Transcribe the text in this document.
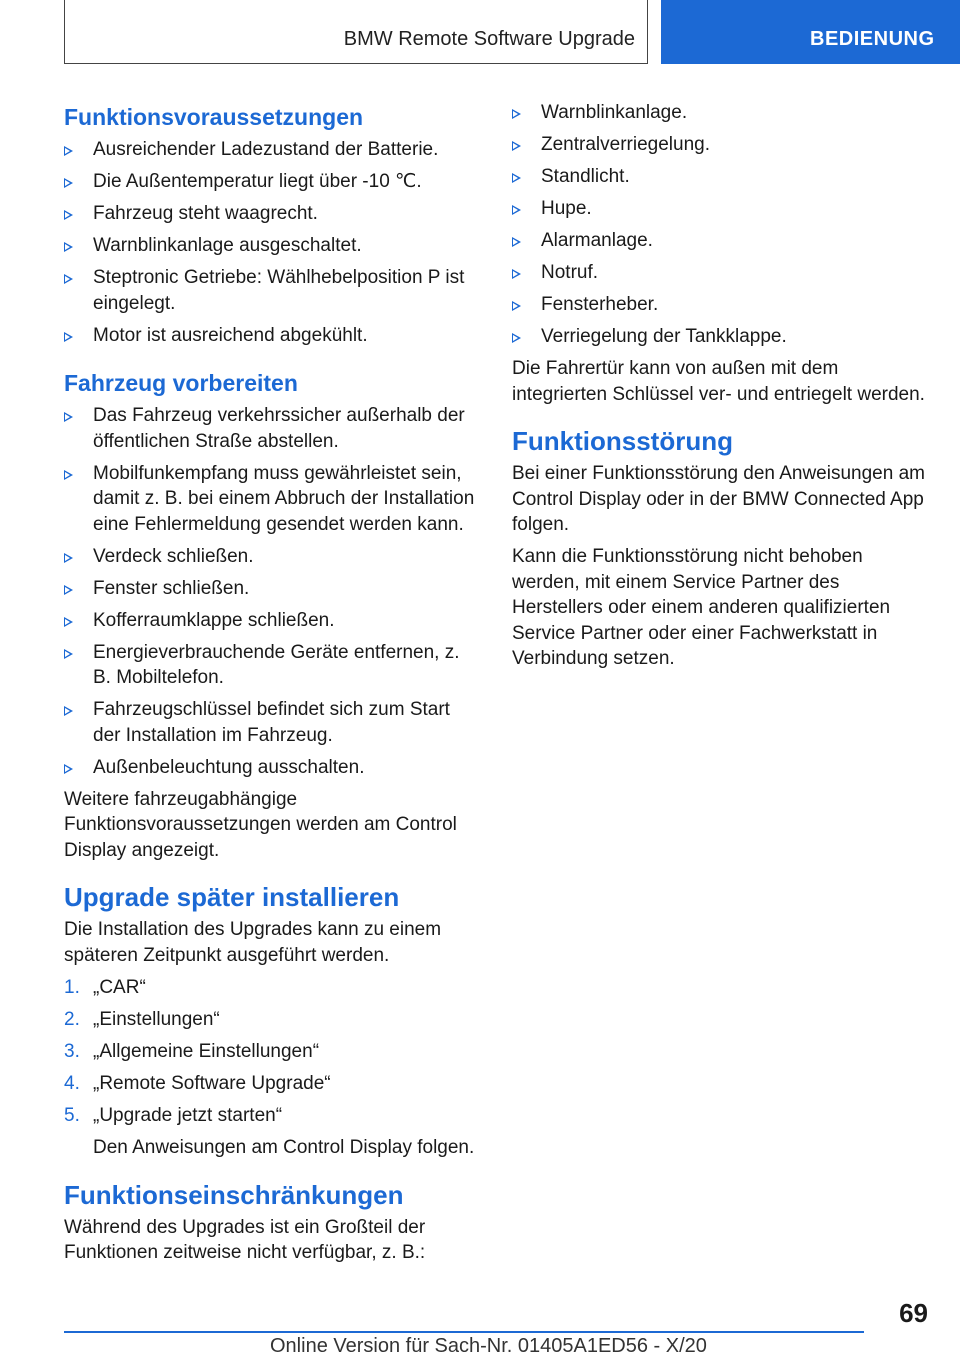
BMW Remote Software Upgrade	BEDIENUNG
Funktionsvoraussetzungen
Ausreichender Ladezustand der Batterie.
Die Außentemperatur liegt über -10 ℃.
Fahrzeug steht waagrecht.
Warnblinkanlage ausgeschaltet.
Steptronic Getriebe: Wählhebelposition P ist eingelegt.
Motor ist ausreichend abgekühlt.
Fahrzeug vorbereiten
Das Fahrzeug verkehrssicher außerhalb der öffentlichen Straße abstellen.
Mobilfunkempfang muss gewährleistet sein, damit z. B. bei einem Abbruch der Installation eine Fehlermeldung gesendet werden kann.
Verdeck schließen.
Fenster schließen.
Kofferraumklappe schließen.
Energieverbrauchende Geräte entfernen, z. B. Mobiltelefon.
Fahrzeugschlüssel befindet sich zum Start der Installation im Fahrzeug.
Außenbeleuchtung ausschalten.

Weitere fahrzeugabhängige Funktionsvoraussetzungen werden am Control Display angezeigt.

Upgrade später installieren

Die Installation des Upgrades kann zu einem späteren Zeitpunkt ausgeführt werden.

1. „CAR“
2. „Einstellungen“
3. „Allgemeine Einstellungen“
4. „Remote Software Upgrade“
5. „Upgrade jetzt starten“
Den Anweisungen am Control Display folgen.
Funktionseinschränkungen

Während des Upgrades ist ein Großteil der Funktionen zeitweise nicht verfügbar, z. B.:

Warnblinkanlage.
Zentralverriegelung.
Standlicht.
Hupe.
Alarmanlage.
Notruf.
Fensterheber.
Verriegelung der Tankklappe.

Die Fahrertür kann von außen mit dem integrierten Schlüssel ver- und entriegelt werden.

Funktionsstörung

Bei einer Funktionsstörung den Anweisungen am Control Display oder in der BMW Connected App folgen.

Kann die Funktionsstörung nicht behoben werden, mit einem Service Partner des Herstellers oder einem anderen qualifizierten Service Partner oder einer Fachwerkstatt in Verbindung setzen.

69
Online Version für Sach-Nr. 01405A1ED56 - X/20
